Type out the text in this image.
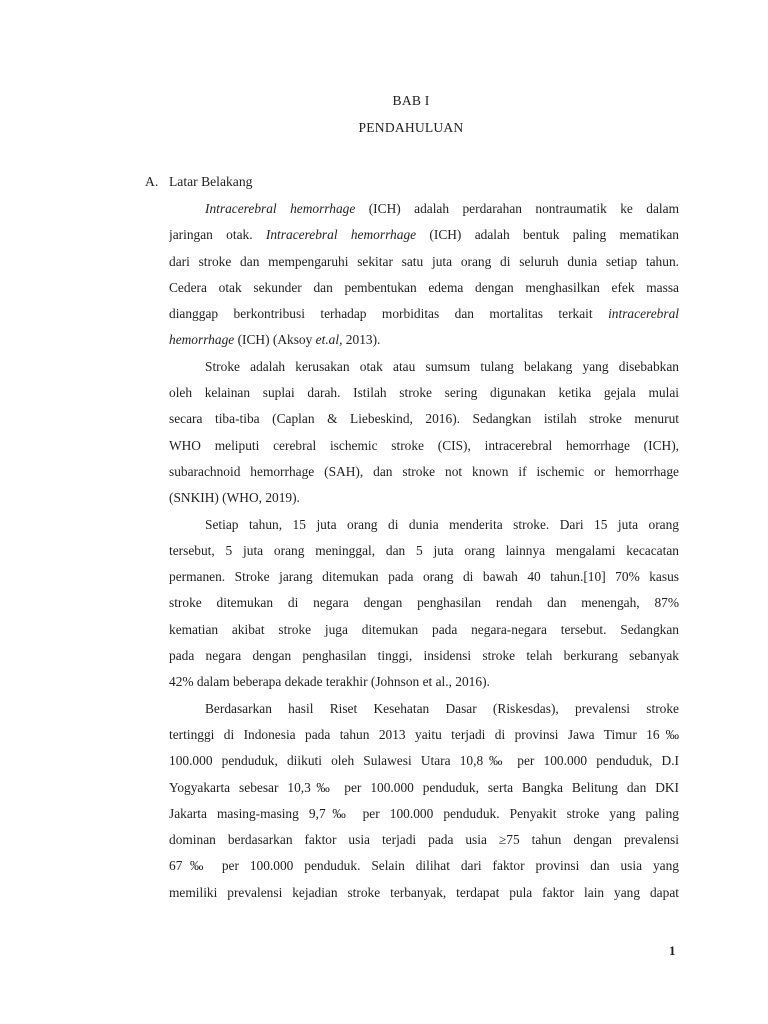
BAB I
PENDAHULUAN
A. Latar Belakang
Intracerebral hemorrhage (ICH) adalah perdarahan nontraumatik ke dalam
jaringan otak. Intracerebral hemorrhage (ICH) adalah bentuk paling mematikan
dari stroke dan mempengaruhi sekitar satu juta orang di seluruh dunia setiap tahun.
Cedera otak sekunder dan pembentukan edema dengan menghasilkan efek massa
dianggap berkontribusi terhadap morbiditas dan mortalitas terkait intracerebral
hemorrhage (ICH) (Aksoy et.al, 2013).
Stroke adalah kerusakan otak atau sumsum tulang belakang yang disebabkan
oleh kelainan suplai darah. Istilah stroke sering digunakan ketika gejala mulai
secara tiba-tiba (Caplan & Liebeskind, 2016). Sedangkan istilah stroke menurut
WHO meliputi cerebral ischemic stroke (CIS), intracerebral hemorrhage (ICH),
subarachnoid hemorrhage (SAH), dan stroke not known if ischemic or hemorrhage
(SNKIH) (WHO, 2019).
Setiap tahun, 15 juta orang di dunia menderita stroke. Dari 15 juta orang
tersebut, 5 juta orang meninggal, dan 5 juta orang lainnya mengalami kecacatan
permanen. Stroke jarang ditemukan pada orang di bawah 40 tahun.[10] 70% kasus
stroke ditemukan di negara dengan penghasilan rendah dan menengah, 87%
kematian akibat stroke juga ditemukan pada negara-negara tersebut. Sedangkan
pada negara dengan penghasilan tinggi, insidensi stroke telah berkurang sebanyak
42% dalam beberapa dekade terakhir (Johnson et al., 2016).
Berdasarkan hasil Riset Kesehatan Dasar (Riskesdas), prevalensi stroke
tertinggi di Indonesia pada tahun 2013 yaitu terjadi di provinsi Jawa Timur 16‰
100.000 penduduk, diikuti oleh Sulawesi Utara 10,8‰ per 100.000 penduduk, D.I
Yogyakarta sebesar 10,3‰ per 100.000 penduduk, serta Bangka Belitung dan DKI
Jakarta masing-masing 9,7‰ per 100.000 penduduk. Penyakit stroke yang paling
dominan berdasarkan faktor usia terjadi pada usia ≥75 tahun dengan prevalensi
67‰ per 100.000 penduduk. Selain dilihat dari faktor provinsi dan usia yang
memiliki prevalensi kejadian stroke terbanyak, terdapat pula faktor lain yang dapat
1
